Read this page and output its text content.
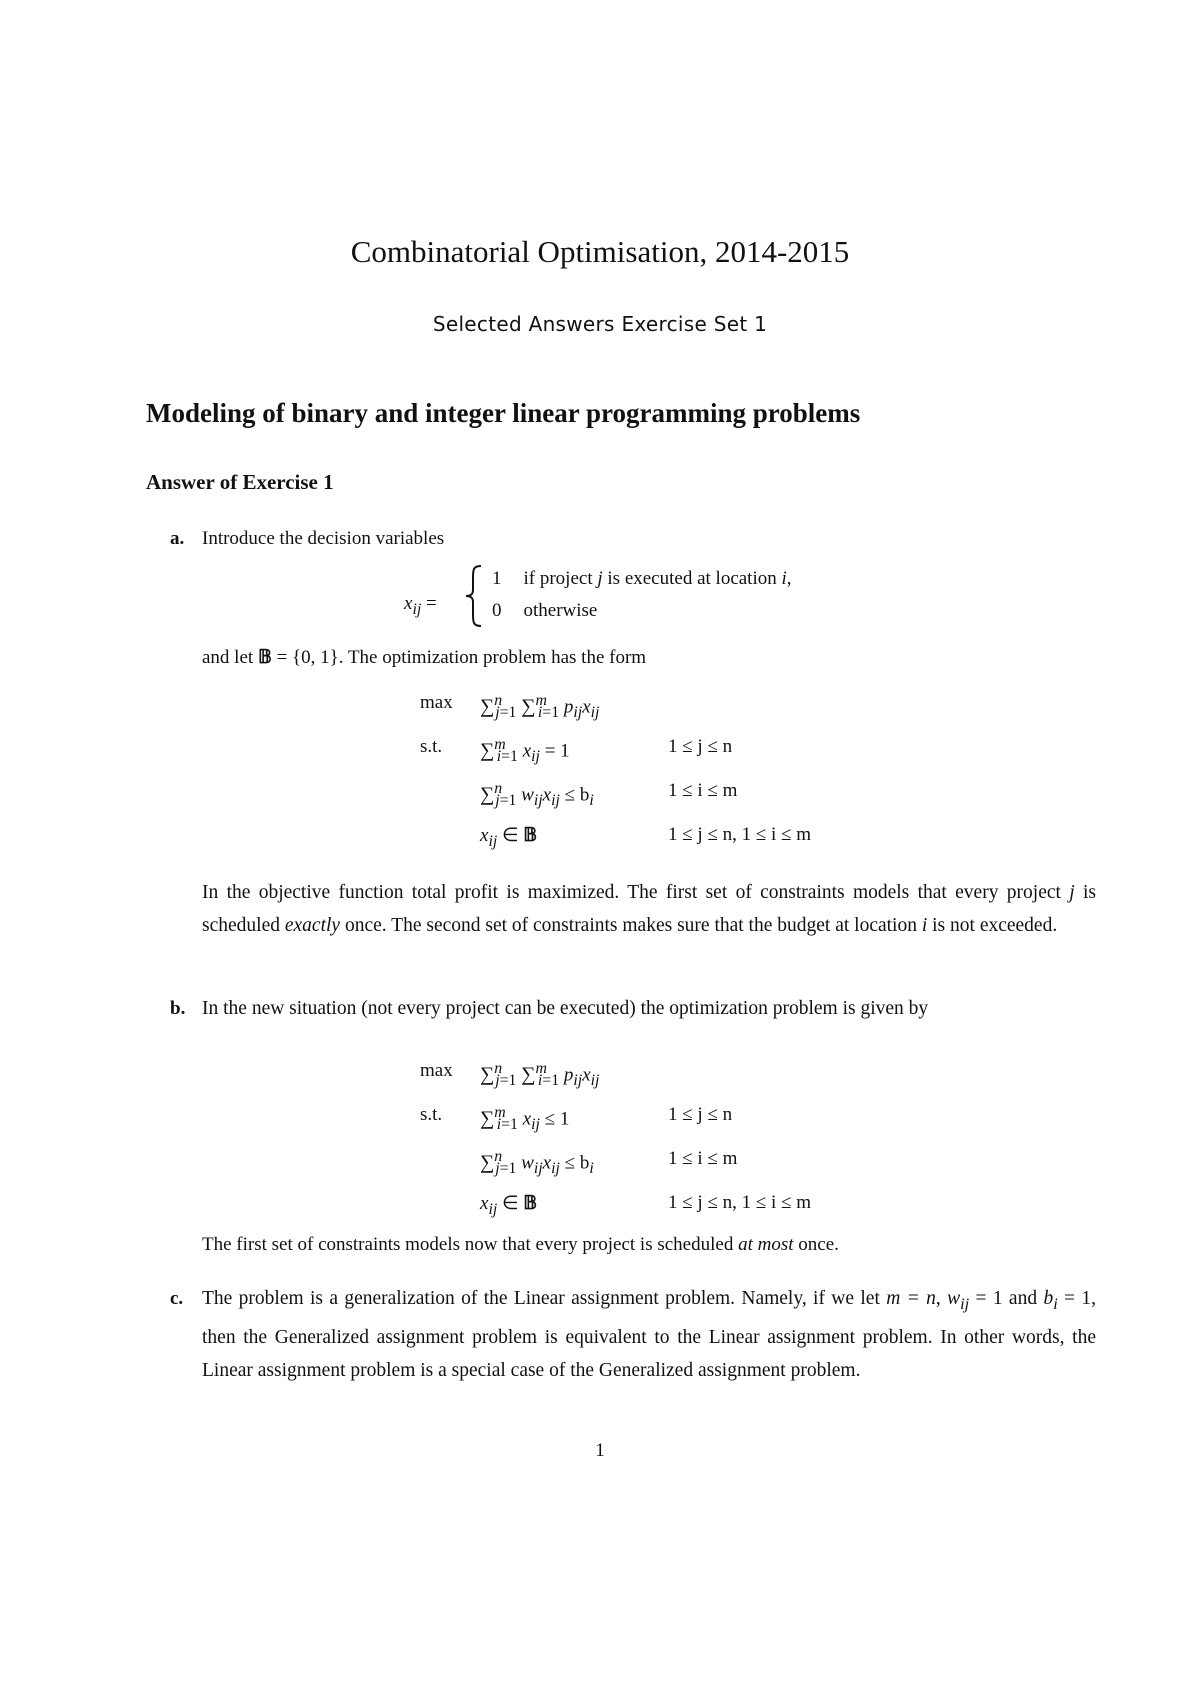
Combinatorial Optimisation, 2014-2015
Selected Answers Exercise Set 1
Modeling of binary and integer linear programming problems
Answer of Exercise 1
a. Introduce the decision variables
$x_{ij}$ =
1 if project j is executed at location i,
0 otherwise
and let 𝔹 = {0, 1}. The optimization problem has the form
max ∑$^n_{j=1}$ ∑$^m_{i=1}$ $p_{ij}x_{ij}$
s.t. ∑$^m_{i=1}$ $x_{ij} = 1$	1 ≤ j ≤ n
∑$^n_{j=1}$ $w_{ij}x_{ij} \le b_i$	1 ≤ i ≤ m
$x_{ij}$ ∈ 𝔹	1 ≤ j ≤ n, 1 ≤ i ≤ m
In the objective function total profit is maximized. The first set of constraints models that every project j is scheduled exactly once. The second set of constraints makes sure that the budget at location i is not exceeded.
b. In the new situation (not every project can be executed) the optimization problem is given by
max ∑$^n_{j=1}$ ∑$^m_{i=1}$ $p_{ij}x_{ij}$
s.t. ∑$^m_{i=1}$ $x_{ij} \le 1$	1 ≤ j ≤ n
∑$^n_{j=1}$ $w_{ij}x_{ij} \le b_i$	1 ≤ i ≤ m
$x_{ij}$ ∈ 𝔹	1 ≤ j ≤ n, 1 ≤ i ≤ m
The first set of constraints models now that every project is scheduled at most once.
c. The problem is a generalization of the Linear assignment problem. Namely, if we let m = n, $w_{ij} = 1$ and $b_i = 1$, then the Generalized assignment problem is equivalent to the Linear assignment problem. In other words, the Linear assignment problem is a special case of the Generalized assignment problem.
1
